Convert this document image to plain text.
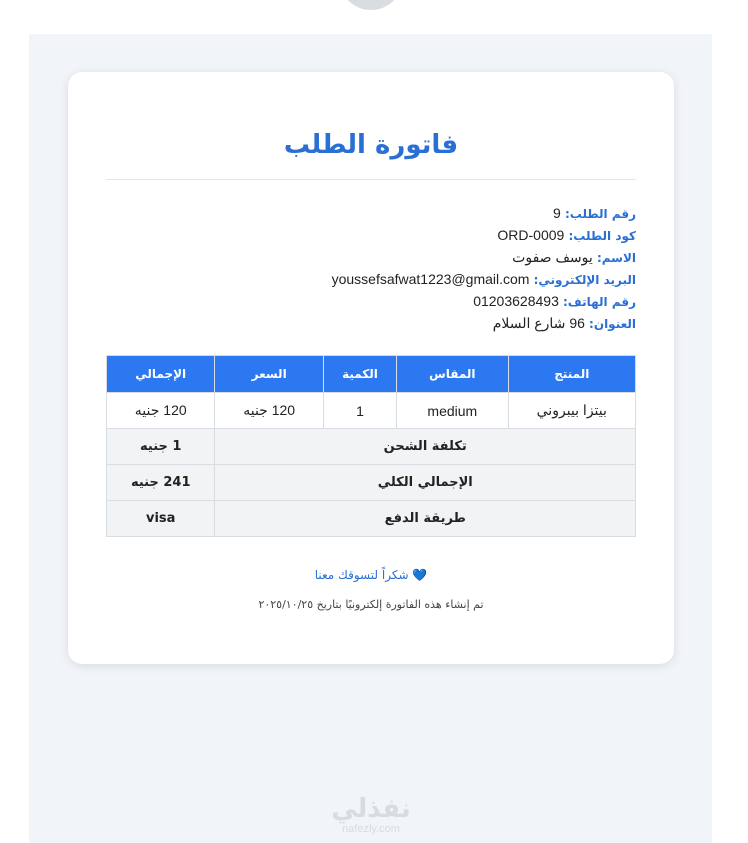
فاتورة الطلب
رقم الطلب: 9
كود الطلب: ORD-0009
الاسم: يوسف صفوت
البريد الإلكتروني: youssefsafwat1223@gmail.com
رقم الهاتف: 01203628493
العنوان: 96 شارع السلام
المنتج	المقاس	الكمية	السعر	الإجمالي
بيتزا بيبروني	medium	1	120 جنيه	120 جنيه
تكلفة الشحن				1 جنيه
الإجمالي الكلي				241 جنيه
طريقة الدفع				visa
💙 شكراً لتسوقك معنا
تم إنشاء هذه الفاتورة إلكترونيًا بتاريخ ٢٠٢٥/١٠/٢٥
نفذلي
nafezly.com
